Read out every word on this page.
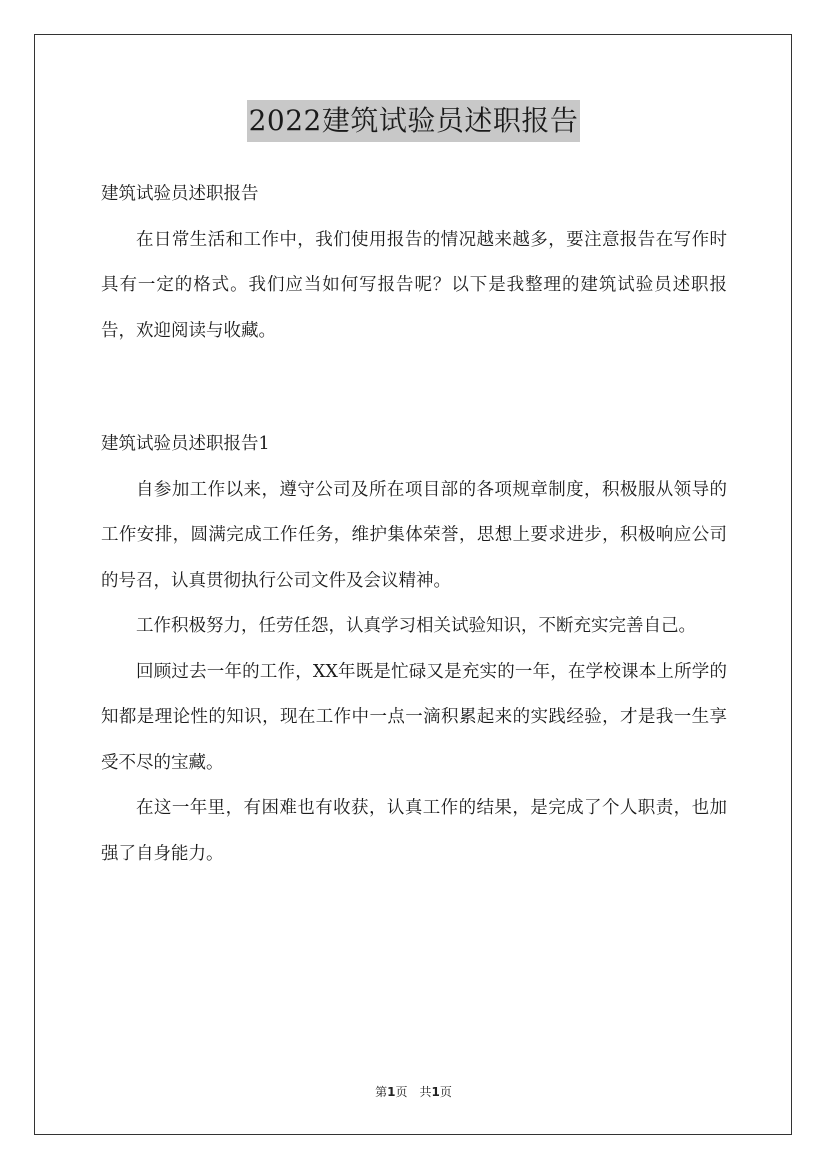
2022建筑试验员述职报告

建筑试验员述职报告

在日常生活和工作中，我们使用报告的情况越来越多，要注意报告在写作时具有一定的格式。我们应当如何写报告呢？以下是我整理的建筑试验员述职报告，欢迎阅读与收藏。

建筑试验员述职报告1

自参加工作以来，遵守公司及所在项目部的各项规章制度，积极服从领导的工作安排，圆满完成工作任务，维护集体荣誉，思想上要求进步，积极响应公司的号召，认真贯彻执行公司文件及会议精神。

工作积极努力，任劳任怨，认真学习相关试验知识，不断充实完善自己。

回顾过去一年的工作，XX年既是忙碌又是充实的一年，在学校课本上所学的知都是理论性的知识，现在工作中一点一滴积累起来的实践经验，才是我一生享受不尽的宝藏。

在这一年里，有困难也有收获，认真工作的结果，是完成了个人职责，也加强了自身能力。

第1页 共1页
